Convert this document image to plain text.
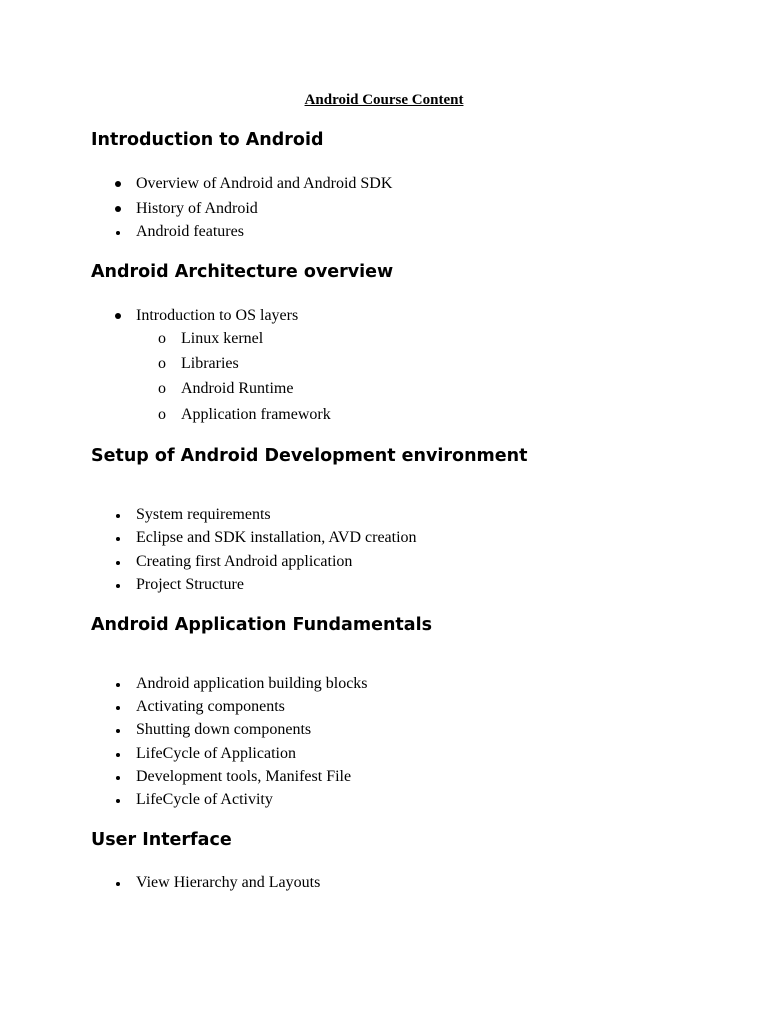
Android Course Content
Introduction to Android
Overview of Android and Android SDK
History of Android
Android features
Android Architecture overview
Introduction to OS layers
o Linux kernel
o Libraries
o Android Runtime
o Application framework
Setup of Android Development environment
System requirements
Eclipse and SDK installation, AVD creation
Creating first Android application
Project Structure
Android Application Fundamentals
Android application building blocks
Activating components
Shutting down components
LifeCycle of Application
Development tools, Manifest File
LifeCycle of Activity
User Interface
View Hierarchy and Layouts
